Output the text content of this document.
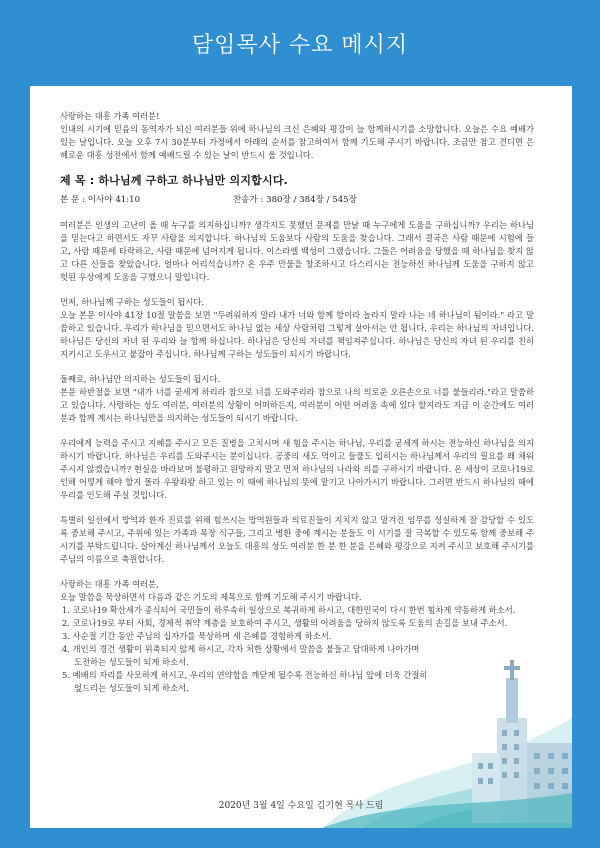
담임목사 수요 메시지
사랑하는 대흥 가족 여러분!

인내의 시기에 믿음의 동역자가 되신 여러분들 위에 하나님의 크신 은혜와 평강이 늘 함께하시기를 소망합니다. 오늘은 수요 예배가 있는 날입니다. 오늘 오후 7시 30분부터 가정에서 아래의 순서를 참고하여서 함께 기도해 주시기 바랍니다. 조금만 참고 견디면 은혜로운 대흥 성전에서 함께 예배드릴 수 있는 날이 반드시 올 것입니다.

제 목 : 하나님께 구하고 하나님만 의지합시다.
본 문 : 이사야 41:10	찬송가 : 380장 / 384장 / 545장

여러분은 인생의 고난이 올 때 누구를 의지하십니까? 생각지도 못했던 문제를 만날 때 누구에게 도움을 구하십니까? 우리는 하나님을 믿는다고 하면서도 자꾸 사람을 의지합니다. 하나님의 도움보다 사람의 도움을 찾습니다. 그래서 결국은 사람 때문에 시험에 들고, 사람 때문에 타락하고, 사람 때문에 넘어지게 됩니다. 이스라엘 백성이 그랬습니다. 그들은 어려움을 당했을 때 하나님을 찾지 않고 다른 신들을 찾았습니다. 얼마나 어리석습니까? 온 우주 만물을 창조하시고 다스리시는 전능하신 하나님께 도움을 구하지 않고 헛된 우상에게 도움을 구했으니 말입니다.

먼저, 하나님께 구하는 성도들이 됩시다.
오늘 본문 이사야 41장 10절 말씀을 보면 "두려워하지 말라 내가 너와 함께 함이라 놀라지 말라 나는 네 하나님이 됨이라." 라고 말씀하고 있습니다. 우리가 하나님을 믿으면서도 하나님 없는 세상 사람처럼 그렇게 살아서는 안 됩니다. 우리는 하나님의 자녀입니다. 하나님은 당신의 자녀 된 우리와 늘 함께 하십니다. 하나님은 당신의 자녀를 책임져주십니다. 하나님은 당신의 자녀 된 우리를 친히 지키시고 도우시고 붙잡아 주십니다. 하나님께 구하는 성도들이 되시기 바랍니다.

둘째로, 하나님만 의지하는 성도들이 됩시다.
본문 하반절을 보면 "내가 너를 굳세게 하리라 참으로 너를 도와주리라 참으로 나의 의로운 오른손으로 너를 붙들리라."라고 말씀하고 있습니다. 사랑하는 성도 여러분, 여러분의 상황이 어떠하든지, 여러분이 어떤 어려움 속에 있다 할지라도 지금 이 순간에도 여러분과 함께 계시는 하나님만을 의지하는 성도들이 되시기 바랍니다.

우리에게 능력을 주시고 지혜를 주시고 모든 질병을 고치시며 새 힘을 주시는 하나님, 우리를 굳세게 하시는 전능하신 하나님을 의지하시기 바랍니다. 하나님은 우리를 도와주시는 분이십니다. 공중의 새도 먹이고 들풀도 입히시는 하나님께서 우리의 필요를 왜 채워주시지 않겠습니까? 현실을 바라보며 불평하고 원망하지 말고 먼저 하나님의 나라와 의를 구하시기 바랍니다. 온 세상이 코로나19로 인해 어떻게 해야 할지 몰라 우왕좌왕 하고 있는 이 때에 하나님의 뜻에 맡기고 나아가시기 바랍니다. 그러면 반드시 하나님의 때에 우리를 인도해 주실 것입니다.

특별히 일선에서 방역과 환자 진료를 위해 힘쓰시는 방역원들과 의료진들이 지치지 않고 맡겨진 임무를 성실하게 잘 감당할 수 있도록 중보해 주시고, 주위에 있는 가족과 목장 식구들, 그리고 병환 중에 계시는 분들도 이 시기를 잘 극복할 수 있도록 함께 중보해 주시기를 부탁드립니다. 살아계신 하나님께서 오늘도 대흥의 성도 여러분 한 분 한 분을 은혜와 평강으로 지켜 주시고 보호해 주시기를 주님의 이름으로 축원합니다.

사랑하는 대흥 가족 여러분,

오늘 말씀을 묵상하면서 다음과 같은 기도의 제목으로 함께 기도해 주시기 바랍니다.

1. 코로나19 확산세가 종식되어 국민들이 하루속히 일상으로 복귀하게 하시고, 대한민국이 다시 한번 힘차게 약동하게 하소서.
2. 코로나19로 부터 사회, 경제적 취약 계층을 보호하여 주시고, 생활의 어려움을 당하지 않도록 도움의 손길을 보내 주소서.
3. 사순절 기간 동안 주님의 십자가를 묵상하며 새 은혜를 경험하게 하소서.
4. 개인의 경건 생활이 위축되지 않게 하시고, 각자 처한 상황에서 말씀을 붙들고 담대하게 나아가며
도전하는 성도들이 되게 하소서.
5. 예배의 자리를 사모하게 하시고, 우리의 연약함을 깨닫게 될수록 전능하신 하나님 앞에 더욱 간절히
엎드리는 성도들이 되게 하소서.
2020년 3월 4일 수요일 김기현 목사 드림
